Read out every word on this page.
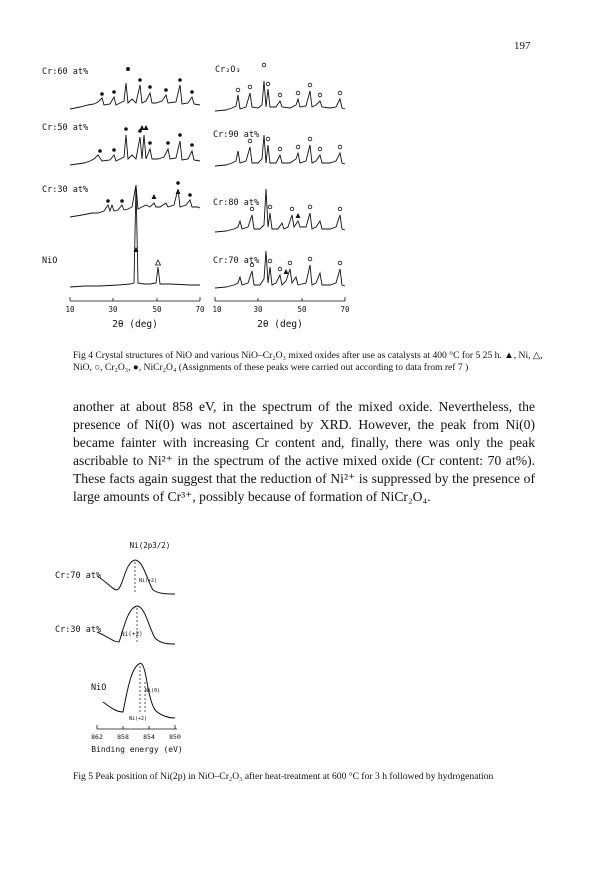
197
Cr:60 at%
Cr:50 at%
Cr:30 at%
NiO
Cr₂O₃
Cr:90 at%
Cr:80 at%
Cr:70 at%
10	30	50	70 10	30	50	70
2θ (deg)	2θ (deg)
Fig 4 Crystal structures of NiO and various NiO–Cr₂O₃ mixed oxides after use as catalysts at 400 °C for 5 25 h. ▲, Ni, △, NiO, ○, Cr₂O₃, ●, NiCr₂O₄ (Assignments of these peaks were carried out according to data from ref 7 )
another at about 858 eV, in the spectrum of the mixed oxide. Nevertheless, the presence of Ni(0) was not ascertained by XRD. However, the peak from Ni(0) became fainter with increasing Cr content and, finally, there was only the peak ascribable to Ni²⁺ in the spectrum of the active mixed oxide (Cr content: 70 at%). These facts again suggest that the reduction of Ni²⁺ is suppressed by the presence of large amounts of Cr³⁺, possibly because of formation of NiCr₂O₄.
Ni(2p3/2)
Cr:70 at%
Cr:30 at%
NiO
Ni(+2)
Ni(+2)
Ni(0)
Ni(+2)
862 858 854 850
Binding energy (eV)
Fig 5 Peak position of Ni(2p) in NiO–Cr₂O₃ after heat-treatment at 600 °C for 3 h followed by hydrogenation
